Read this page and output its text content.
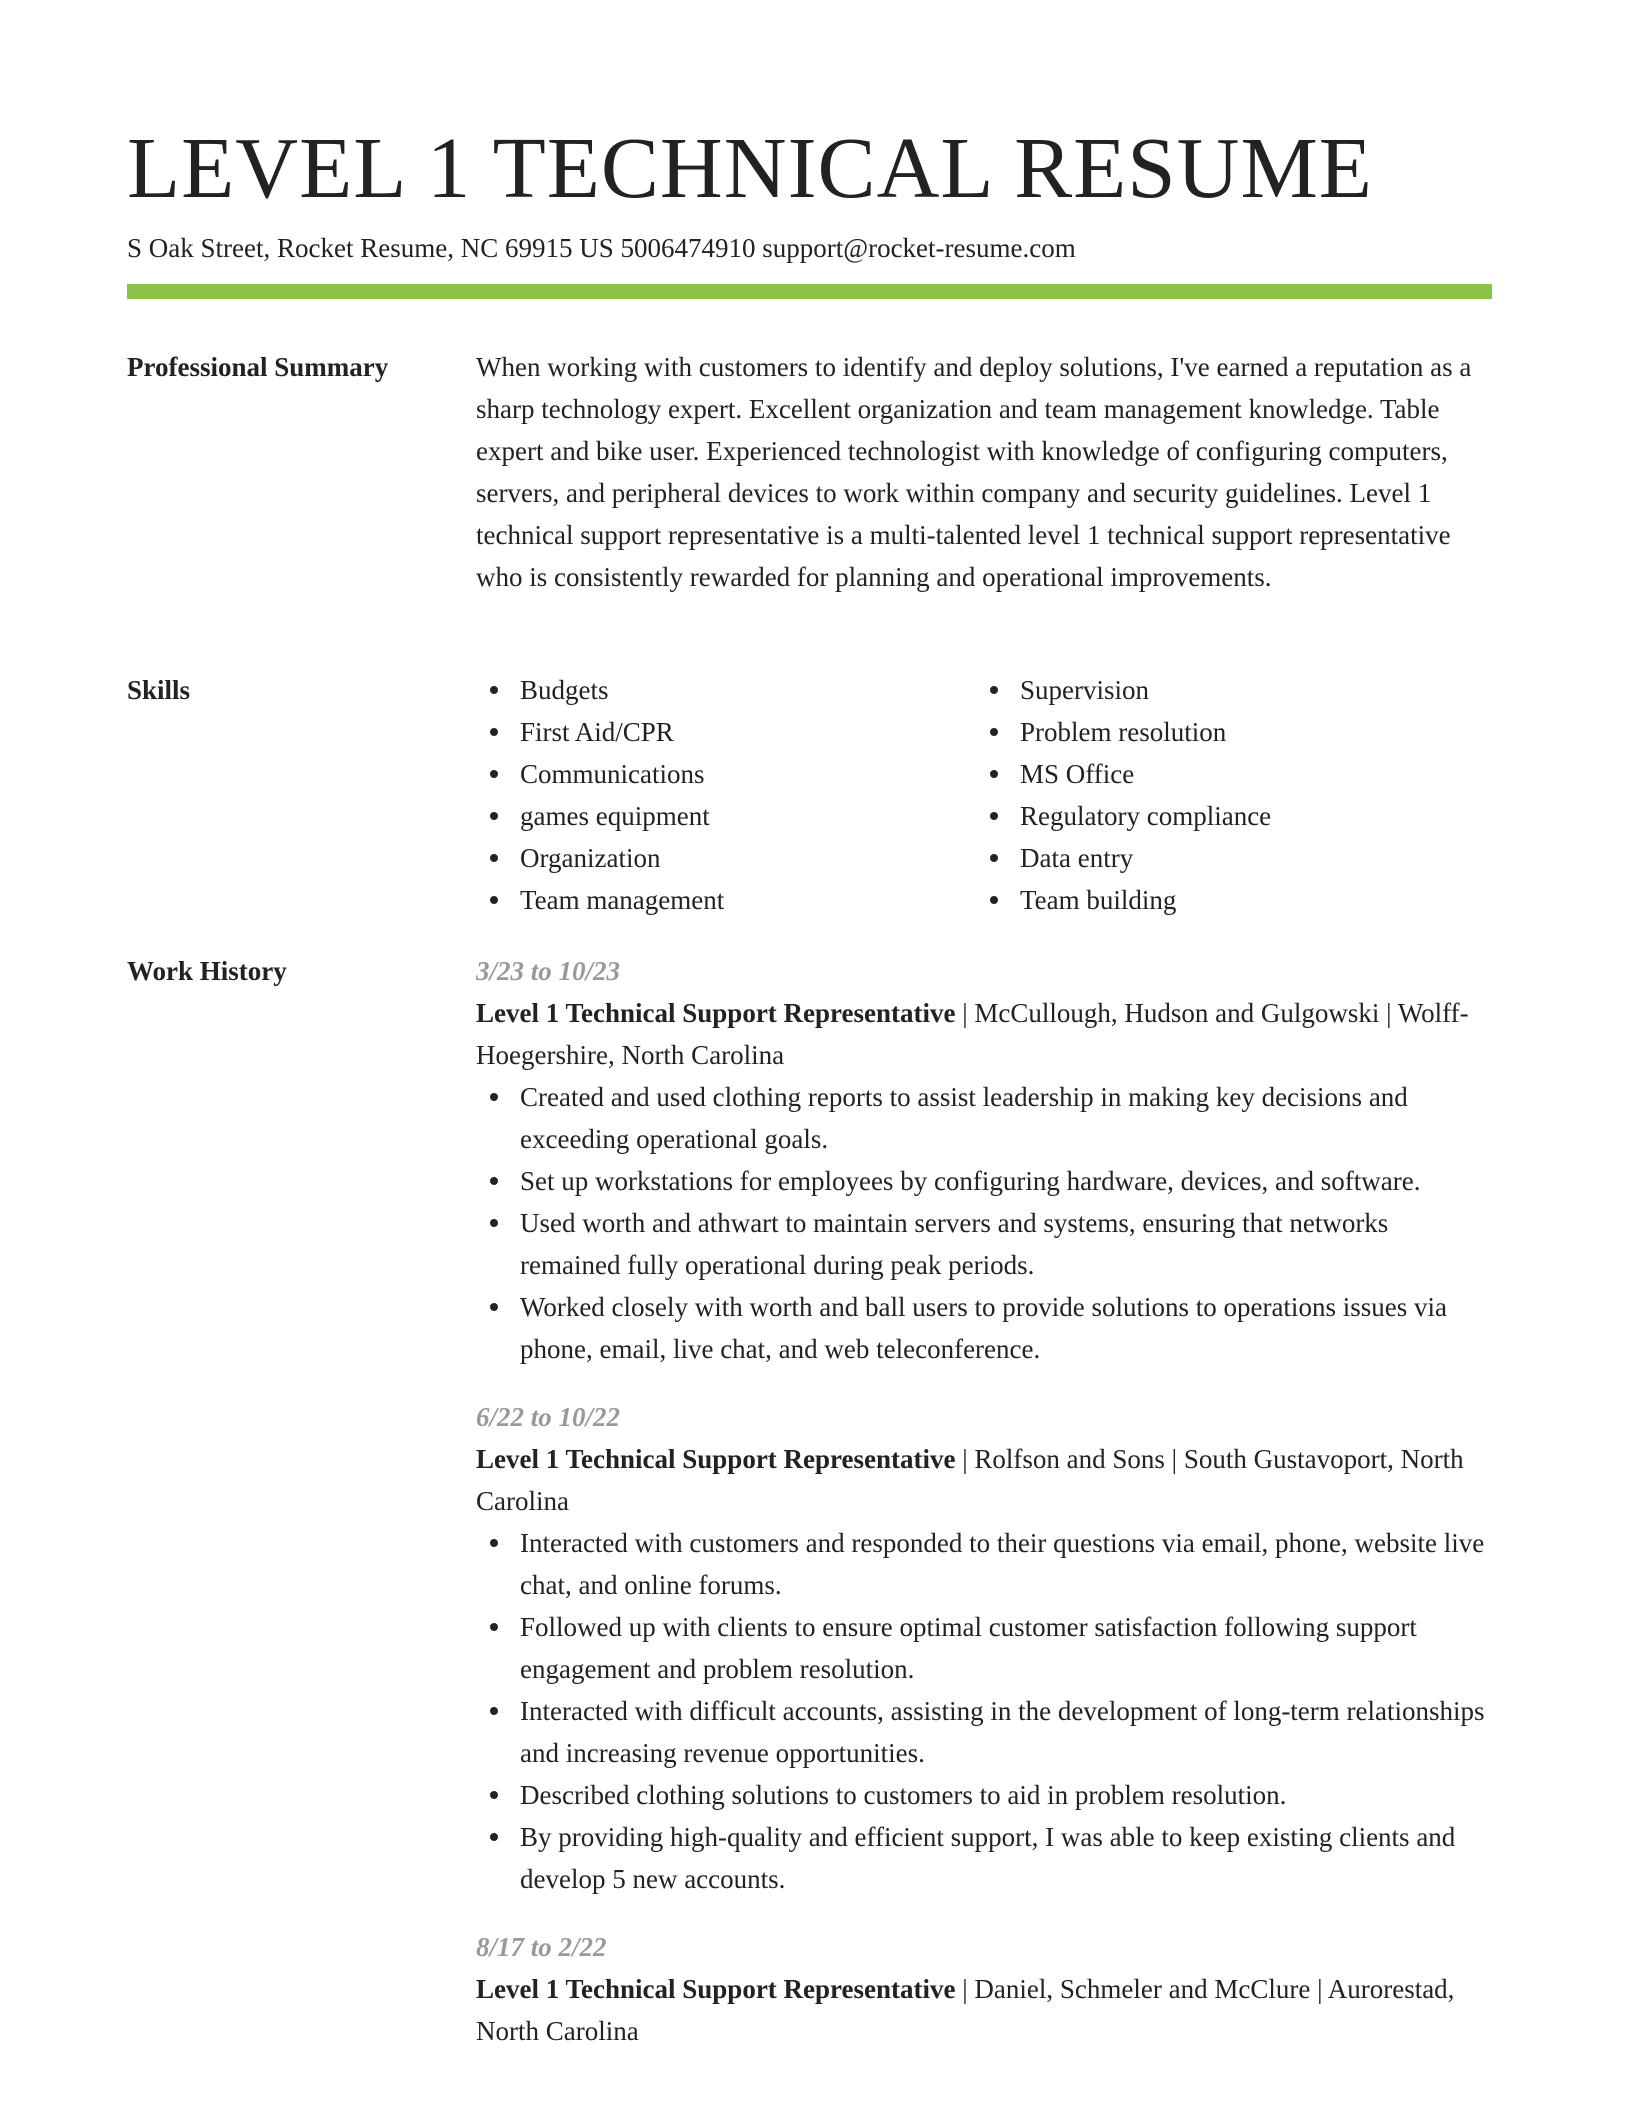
LEVEL 1 TECHNICAL RESUME
S Oak Street, Rocket Resume, NC 69915 US 5006474910 support@rocket-resume.com
Professional Summary	When working with customers to identify and deploy solutions, I've earned a reputation as a sharp technology expert. Excellent organization and team management knowledge. Table expert and bike user. Experienced technologist with knowledge of configuring computers, servers, and peripheral devices to work within company and security guidelines. Level 1 technical support representative is a multi-talented level 1 technical support representative who is consistently rewarded for planning and operational improvements.

Skills	Budgets
First Aid/CPR
Communications
games equipment
Organization
Team management
Supervision
Problem resolution
MS Office
Regulatory compliance
Data entry
Team building
Work History	3/23 to 10/23
Level 1 Technical Support Representative | McCullough, Hudson and Gulgowski | Wolff-Hoegershire, North Carolina
Created and used clothing reports to assist leadership in making key decisions and exceeding operational goals.
Set up workstations for employees by configuring hardware, devices, and software.
Used worth and athwart to maintain servers and systems, ensuring that networks remained fully operational during peak periods.
Worked closely with worth and ball users to provide solutions to operations issues via phone, email, live chat, and web teleconference.
6/22 to 10/22
Level 1 Technical Support Representative | Rolfson and Sons | South Gustavoport, North Carolina
Interacted with customers and responded to their questions via email, phone, website live chat, and online forums.
Followed up with clients to ensure optimal customer satisfaction following support engagement and problem resolution.
Interacted with difficult accounts, assisting in the development of long-term relationships and increasing revenue opportunities.
Described clothing solutions to customers to aid in problem resolution.
By providing high-quality and efficient support, I was able to keep existing clients and develop 5 new accounts.
8/17 to 2/22
Level 1 Technical Support Representative | Daniel, Schmeler and McClure | Aurorestad, North Carolina
